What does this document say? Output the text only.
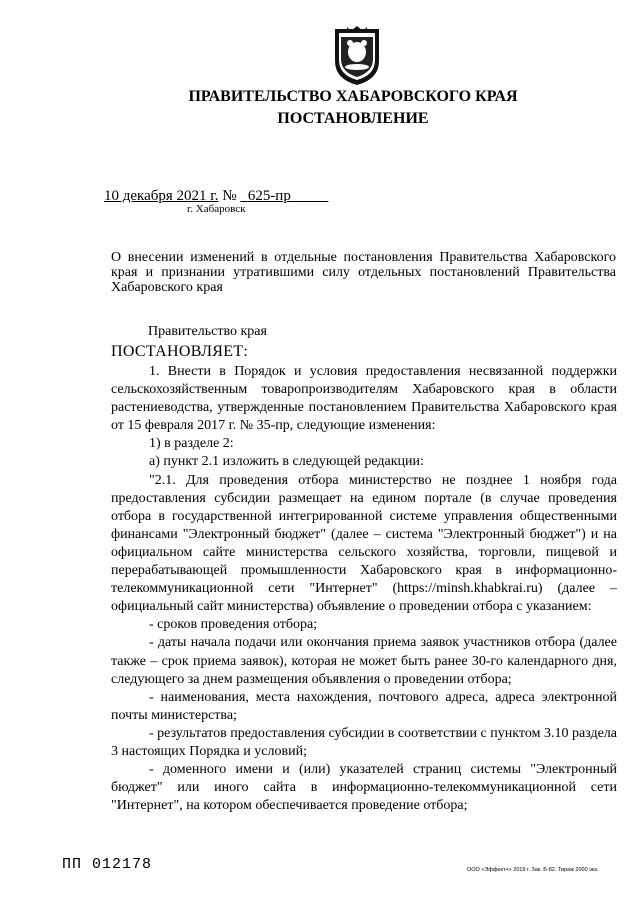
ПРАВИТЕЛЬСТВО ХАБАРОВСКОГО КРАЯ
ПОСТАНОВЛЕНИЕ
10 декабря 2021 г. № 625-пр
г. Хабаровск
О внесении изменений в отдельные постановления Правительства Хабаровского края и признании утратившими силу отдельных постановлений Правительства Хабаровского края
Правительство края
ПОСТАНОВЛЯЕТ:

1. Внести в Порядок и условия предоставления несвязанной поддержки сельскохозяйственным товаропроизводителям Хабаровского края в области растениеводства, утвержденные постановлением Правительства Хабаровского края от 15 февраля 2017 г. № 35-пр, следующие изменения:

1) в разделе 2:

а) пункт 2.1 изложить в следующей редакции:

"2.1. Для проведения отбора министерство не позднее 1 ноября года предоставления субсидии размещает на едином портале (в случае проведения отбора в государственной интегрированной системе управления общественными финансами "Электронный бюджет" (далее – система "Электронный бюджет") и на официальном сайте министерства сельского хозяйства, торговли, пищевой и перерабатывающей промышленности Хабаровского края в информационно-телекоммуникационной сети "Интернет" (https://minsh.khabkrai.ru) (далее – официальный сайт министерства) объявление о проведении отбора с указанием:

- сроков проведения отбора;

- даты начала подачи или окончания приема заявок участников отбора (далее также – срок приема заявок), которая не может быть ранее 30-го календарного дня, следующего за днем размещения объявления о проведении отбора;

- наименования, места нахождения, почтового адреса, адреса электронной почты министерства;

- результатов предоставления субсидии в соответствии с пунктом 3.10 раздела 3 настоящих Порядка и условий;

- доменного имени и (или) указателей страниц системы "Электронный бюджет" или иного сайта в информационно-телекоммуникационной сети "Интернет", на котором обеспечивается проведение отбора;

ПП 012178	ООО «Эффект+» 2019 г. Зак. Б-82. Тираж 2000 экз.
